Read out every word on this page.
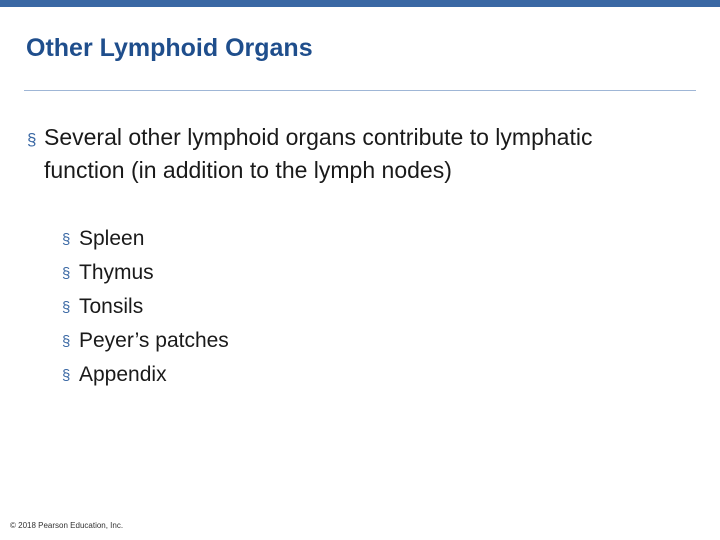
Other Lymphoid Organs
§ Several other lymphoid organs contribute to lymphatic function (in addition to the lymph nodes)
§ Spleen
§ Thymus
§ Tonsils
§ Peyer’s patches
§ Appendix
© 2018 Pearson Education, Inc.
